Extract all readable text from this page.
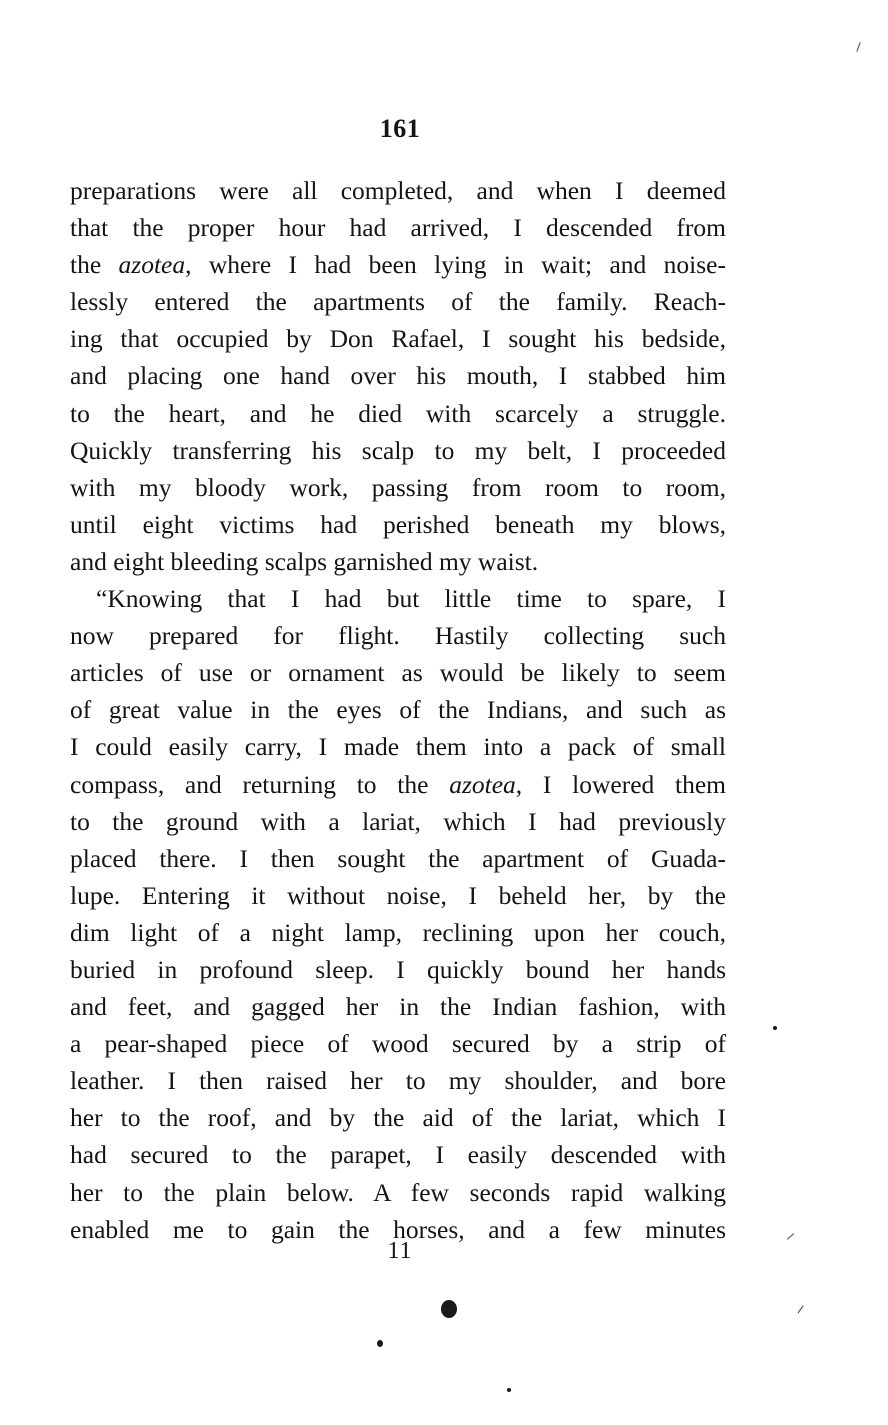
161
preparations were all completed, and when I deemed
that the proper hour had arrived, I descended from
the azotea, where I had been lying in wait; and noise-
lessly entered the apartments of the family. Reach-
ing that occupied by Don Rafael, I sought his bedside,
and placing one hand over his mouth, I stabbed him
to the heart, and he died with scarcely a struggle.
Quickly transferring his scalp to my belt, I proceeded
with my bloody work, passing from room to room,
until eight victims had perished beneath my blows,
and eight bleeding scalps garnished my waist.
“Knowing that I had but little time to spare, I
now prepared for flight. Hastily collecting such
articles of use or ornament as would be likely to seem
of great value in the eyes of the Indians, and such as
I could easily carry, I made them into a pack of small
compass, and returning to the azotea, I lowered them
to the ground with a lariat, which I had previously
placed there. I then sought the apartment of Guada-
lupe. Entering it without noise, I beheld her, by the
dim light of a night lamp, reclining upon her couch,
buried in profound sleep. I quickly bound her hands
and feet, and gagged her in the Indian fashion, with
a pear-shaped piece of wood secured by a strip of
leather. I then raised her to my shoulder, and bore
her to the roof, and by the aid of the lariat, which I
had secured to the parapet, I easily descended with
her to the plain below. A few seconds rapid walking
enabled me to gain the horses, and a few minutes
11
